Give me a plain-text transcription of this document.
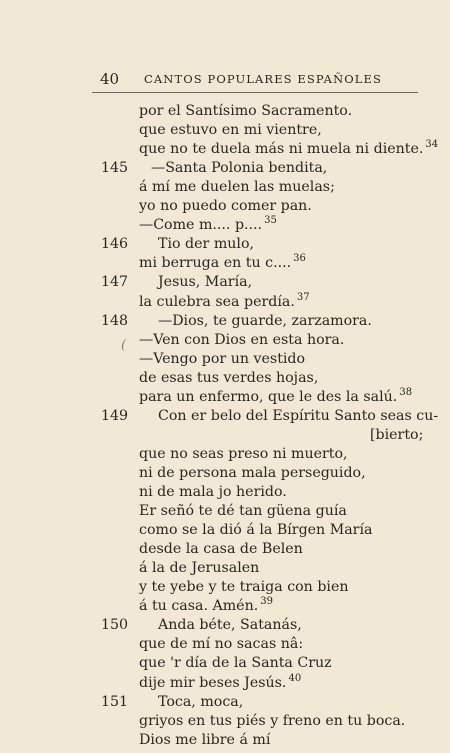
40 CANTOS POPULARES ESPAÑOLES
(
por el Santísimo Sacramento.
que estuvo en mi vientre,
que no te duela más ni muela ni diente. $^{34}$
145 —Santa Polonia bendita,
á mí me duelen las muelas;
yo no puedo comer pan.
—Come m.... p.... $^{35}$
146 Tio der mulo,
mi berruga en tu c.... $^{36}$
147 Jesus, María,
la culebra sea perdía. $^{37}$
148 —Dios, te guarde, zarzamora.
—Ven con Dios en esta hora.
—Vengo por un vestido
de esas tus verdes hojas,
para un enfermo, que le des la salú. $^{38}$
149 Con er belo del Espíritu Santo seas cu-
[bierto;
que no seas preso ni muerto,
ni de persona mala perseguido,
ni de mala jo herido.
Er señó te dé tan güena guía
como se la dió á la Bírgen María
desde la casa de Belen
á la de Jerusalen
y te yebe y te traiga con bien
á tu casa. Amén. $^{39}$
150 Anda béte, Satanás,
que de mí no sacas nâ:
que 'r día de la Santa Cruz
dije mir beses Jesús. $^{40}$
151 Toca, moca,
griyos en tus piés y freno en tu boca.
Dios me libre á mí
